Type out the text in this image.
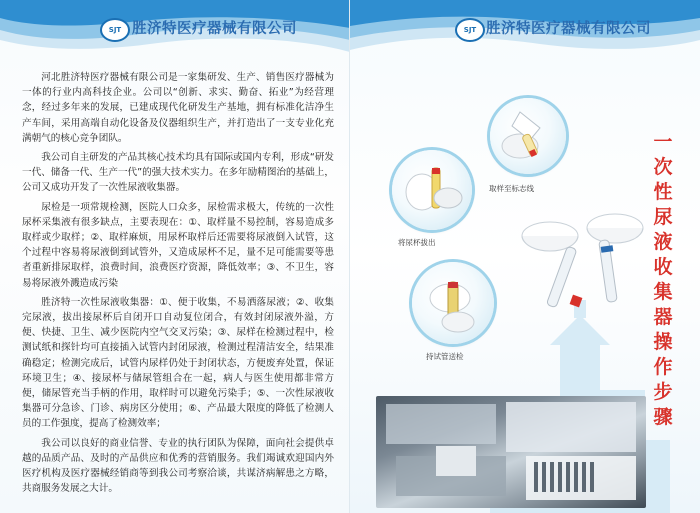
SJT 胜济特医疗器械有限公司

河北胜济特医疗器械有限公司是一家集研发、生产、销售医疗器械为一体的行业内高科技企业。公司以“创新、求实、勤奋、拓业”为经营理念，经过多年来的发展，已建成现代化研发生产基地，拥有标准化洁净生产车间，采用高端自动化设备及仪器组织生产，并打造出了一支专业化充满朝气的核心竞争团队。

我公司自主研发的产品其核心技术均具有国际或国内专利，形成“研发一代、储备一代、生产一代”的强大技术实力。在多年励精图治的基础上，公司又成功开发了一次性尿液收集器。

尿检是一项常规检测，医院人口众多，尿检需求极大，传统的一次性尿杯采集液有很多缺点，主要表现在：①、取样量不易控制，容易造成多取样或少取样；②、取样麻烦，用尿杯取样后还需要将尿液倒入试管，这个过程中容易将尿液倒到试管外，又造成尿杯不足，量不足可能需要等患者重新排尿取样，浪费时间，浪费医疗资源，降低效率；③、不卫生，容易将尿液外溅造成污染

胜济特一次性尿液收集器：①、便于收集，不易洒落尿液；②、收集完尿液，拔出接尿杯后自闭开口自动复位闭合，有效封闭尿液外溢，方便、快捷、卫生、减少医院内空气交叉污染；③、尿样在检测过程中，检测试纸和探针均可直接插入试管内封闭尿液，检测过程清洁安全，结果准确稳定；检测完成后，试管内尿样仍处于封闭状态，方便废弃处置，保证环境卫生；④、接尿杯与储尿管组合在一起，病人与医生使用都非常方便，储尿管充当手柄的作用，取样时可以避免污染手；⑤、一次性尿液收集器可分急诊、门诊、病房区分使用；⑥、产品最大限度的降低了检测人员的工作强度，提高了检测效率；

我公司以良好的商业信誉、专业的执行团队为保障，面向社会提供卓越的品质产品、及时的产品供应和优秀的营销服务。我们竭诚欢迎国内外医疗机构及医疗器械经销商等到我公司考察洽谈，共谋济病解患之方略，共商服务发展之大计。

SJT 胜济特医疗器械有限公司
一
次
性
尿
液
收
集
器
操
作
步
骤
取样至标志线
将尿杯拔出
持试管送检
